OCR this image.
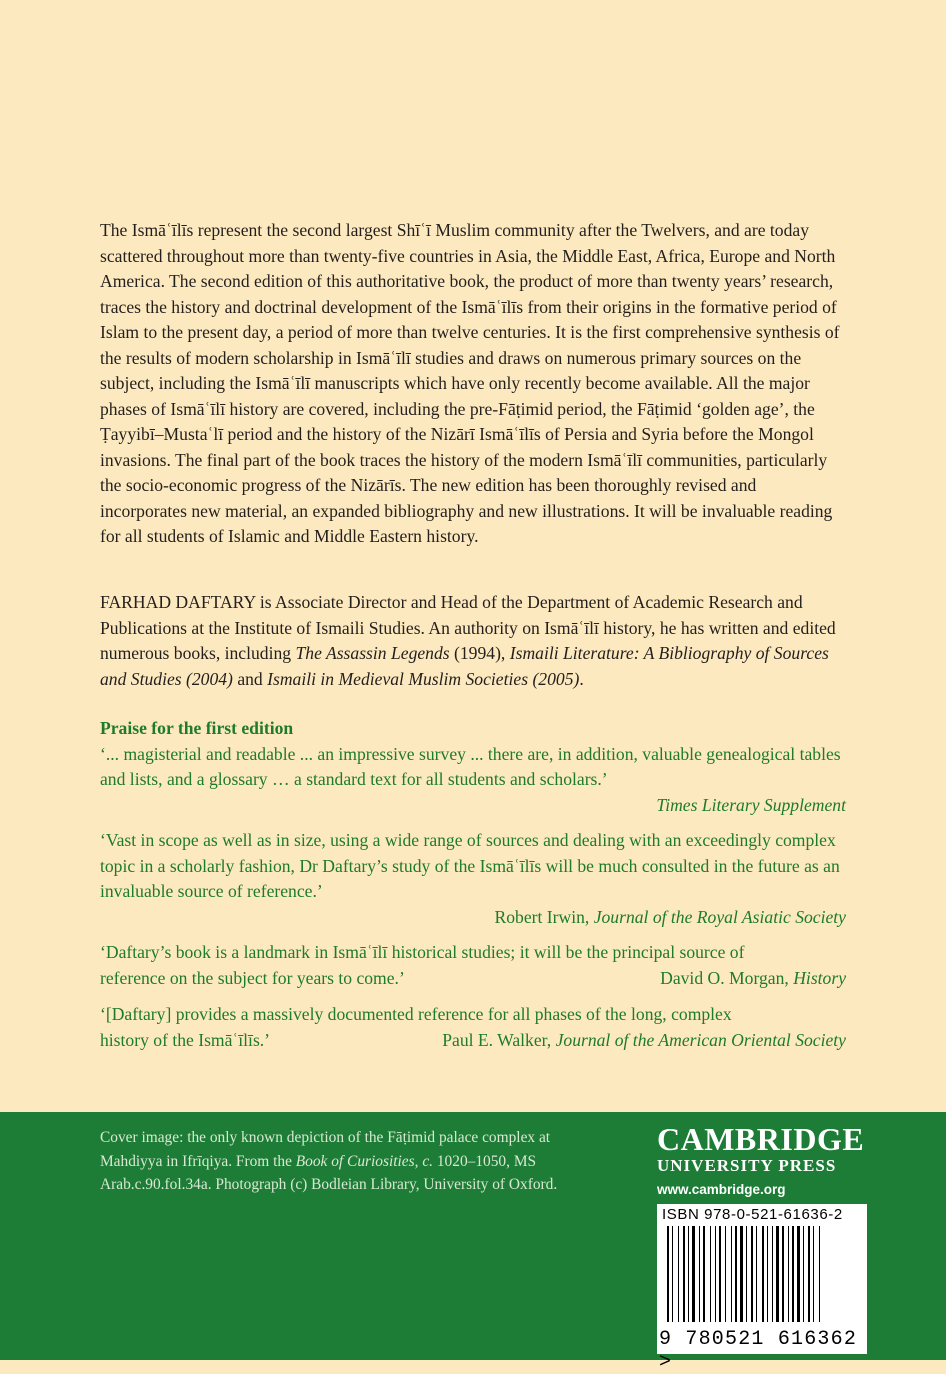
The Ismāʿīlīs represent the second largest Shīʿī Muslim community after the Twelvers, and are today scattered throughout more than twenty-five countries in Asia, the Middle East, Africa, Europe and North America. The second edition of this authoritative book, the product of more than twenty years’ research, traces the history and doctrinal development of the Ismāʿīlīs from their origins in the formative period of Islam to the present day, a period of more than twelve centuries. It is the first comprehensive synthesis of the results of modern scholarship in Ismāʿīlī studies and draws on numerous primary sources on the subject, including the Ismāʿīlī manuscripts which have only recently become available. All the major phases of Ismāʿīlī history are covered, including the pre-Fāṭimid period, the Fāṭimid ‘golden age’, the Ṭayyibī–Mustaʿlī period and the history of the Nizārī Ismāʿīlīs of Persia and Syria before the Mongol invasions. The final part of the book traces the history of the modern Ismāʿīlī communities, particularly the socio-economic progress of the Nizārīs. The new edition has been thoroughly revised and incorporates new material, an expanded bibliography and new illustrations. It will be invaluable reading for all students of Islamic and Middle Eastern history.

FARHAD DAFTARY is Associate Director and Head of the Department of Academic Research and Publications at the Institute of Ismaili Studies. An authority on Ismāʿīlī history, he has written and edited numerous books, including The Assassin Legends (1994), Ismaili Literature: A Bibliography of Sources and Studies (2004) and Ismaili in Medieval Muslim Societies (2005).

Praise for the first edition

‘... magisterial and readable ... an impressive survey ... there are, in addition, valuable genealogical tables and lists, and a glossary … a standard text for all students and scholars.’

Times Literary Supplement

‘Vast in scope as well as in size, using a wide range of sources and dealing with an exceedingly complex topic in a scholarly fashion, Dr Daftary’s study of the Ismāʿīlīs will be much consulted in the future as an invaluable source of reference.’

Robert Irwin, Journal of the Royal Asiatic Society

‘Daftary’s book is a landmark in Ismāʿīlī historical studies; it will be the principal source of

reference on the subject for years to come.’	David O. Morgan, History

‘[Daftary] provides a massively documented reference for all phases of the long, complex

history of the Ismāʿīlīs.’	Paul E. Walker, Journal of the American Oriental Society

Cover image: the only known depiction of the Fāṭimid palace complex at Mahdiyya in Ifrīqiya. From the Book of Curiosities, c. 1020–1050, MS Arab.c.90.fol.34a. Photograph (c) Bodleian Library, University of Oxford.

CAMBRIDGE

UNIVERSITY PRESS

www.cambridge.org
ISBN 978-0-521-61636-2
9 780521 616362 >
